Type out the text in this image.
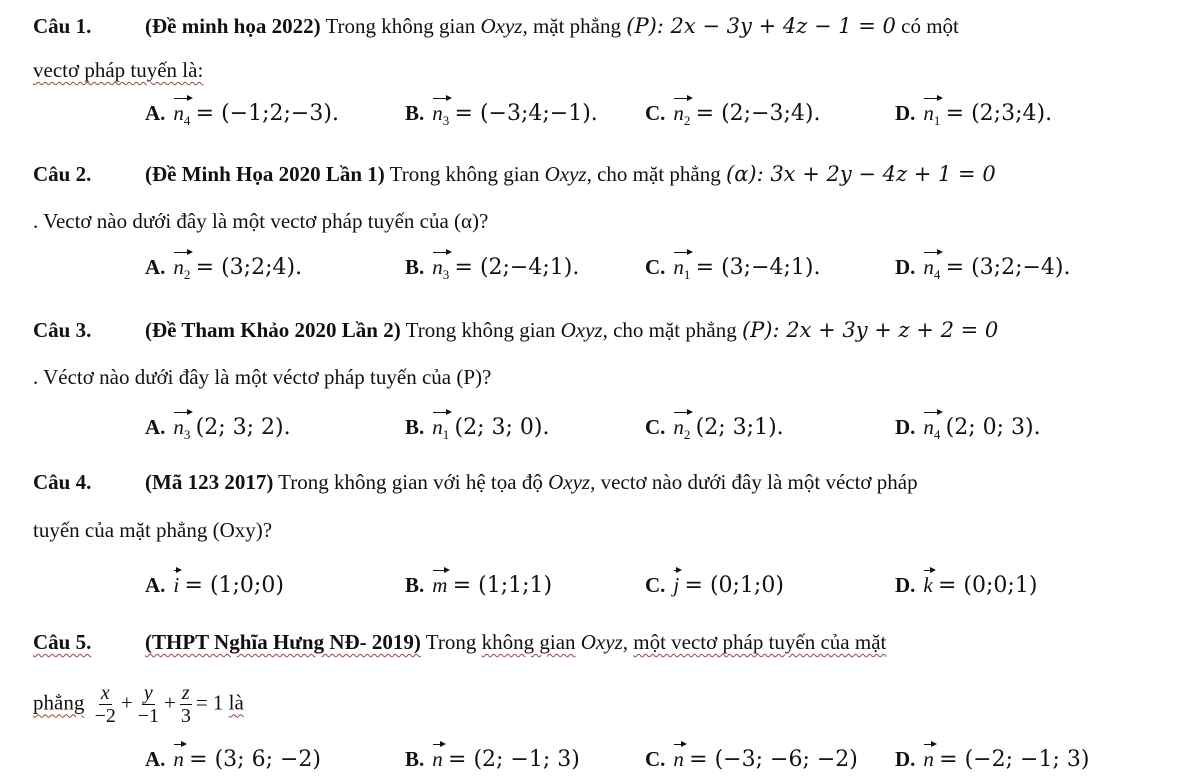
Câu 1.	(Đề minh họa 2022) Trong không gian Oxyz, mặt phẳng (P): 2x − 3y + 4z − 1 = 0 có một
vectơ pháp tuyến là:
A. $n_4$ = (−1;2;−3).	B. $n_3$ = (−3;4;−1). C. $n_2$ = (2;−3;4).	D. $n_1$ = (2;3;4).
Câu 2.	(Đề Minh Họa 2020 Lần 1) Trong không gian Oxyz, cho mặt phẳng (α): 3x + 2y − 4z + 1 = 0
. Vectơ nào dưới đây là một vectơ pháp tuyến của (α)?
A. $n_2$ = (3;2;4).	B. $n_3$ = (2;−4;1).	C. $n_1$ = (3;−4;1).	D. $n_4$ = (3;2;−4).
Câu 3.	(Đề Tham Khảo 2020 Lần 2) Trong không gian Oxyz, cho mặt phẳng (P): 2x + 3y + z + 2 = 0
. Véctơ nào dưới đây là một véctơ pháp tuyến của (P)?
A. $n_3$ (2; 3; 2).	B. $n_1$ (2; 3; 0).	C. $n_2$ (2; 3;1).	D. $n_4$ (2; 0; 3).
Câu 4.	(Mã 123 2017) Trong không gian với hệ tọa độ Oxyz, vectơ nào dưới đây là một véctơ pháp
tuyến của mặt phẳng (Oxy)?
A. i = (1;0;0)	B. m = (1;1;1)	C. j = (0;1;0)	D. k = (0;0;1)
Câu 5.	(THPT Nghĩa Hưng NĐ- 2019) Trong không gian Oxyz, một vectơ pháp tuyến của mặt
phẳng $\frac{x}{-2} + \frac{y}{-1} + \frac{z}{3} = 1$ là
A. n = (3; 6; −2)	B. n = (2; −1; 3)	C. n = (−3; −6; −2) D. n = (−2; −1; 3)
